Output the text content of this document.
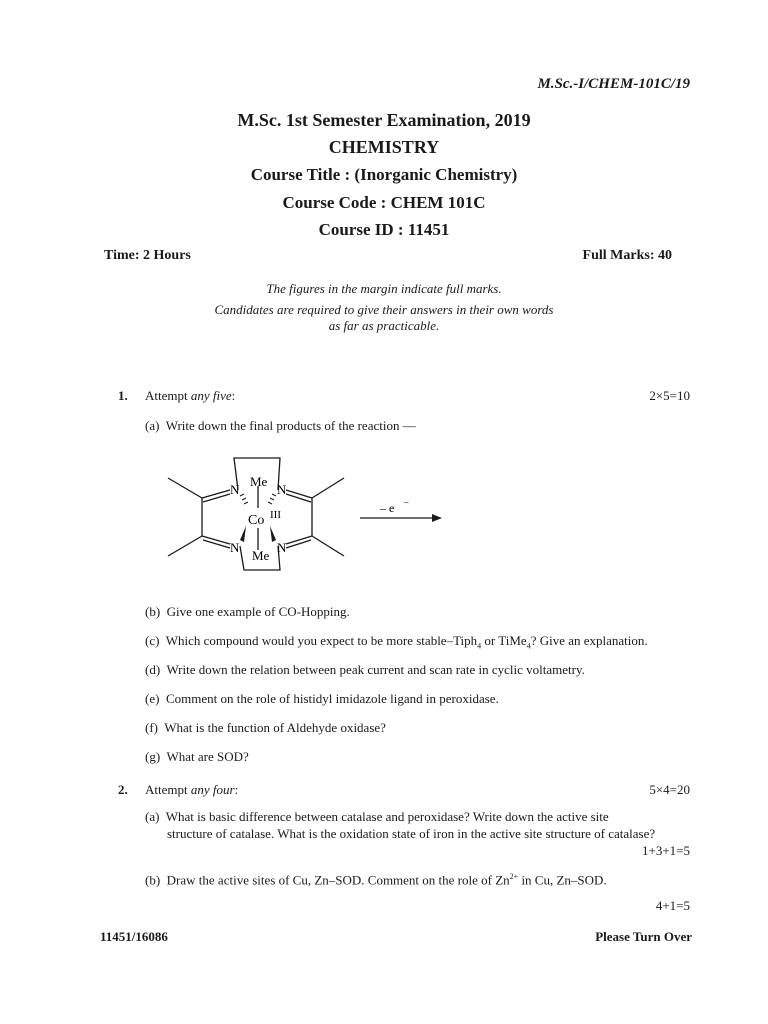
M.Sc.-I/CHEM-101C/19
M.Sc. 1st Semester Examination, 2019
CHEMISTRY
Course Title : (Inorganic Chemistry)
Course Code : CHEM 101C
Course ID : 11451
Time: 2 Hours	Full Marks: 40
The figures in the margin indicate full marks.
Candidates are required to give their answers in their own words
as far as practicable.
1. Attempt any five:	2×5=10
(a) Write down the final products of the reaction —
Me
N	N
Co III
N	N
Me
– e –
(b) Give one example of CO-Hopping.
(c) Which compound would you expect to be more stable–Tiph$_4$ or TiMe$_4$? Give an explanation.
(d) Write down the relation between peak current and scan rate in cyclic voltametry.
(e) Comment on the role of histidyl imidazole ligand in peroxidase.
(f) What is the function of Aldehyde oxidase?
(g) What are SOD?
2. Attempt any four:	5×4=20
(a) What is basic difference between catalase and peroxidase? Write down the active site
structure of catalase. What is the oxidation state of iron in the active site structure of catalase?
1+3+1=5
(b) Draw the active sites of Cu, Zn–SOD. Comment on the role of $Zn^{2+}$ in Cu, Zn–SOD.
4+1=5
11451/16086	Please Turn Over
